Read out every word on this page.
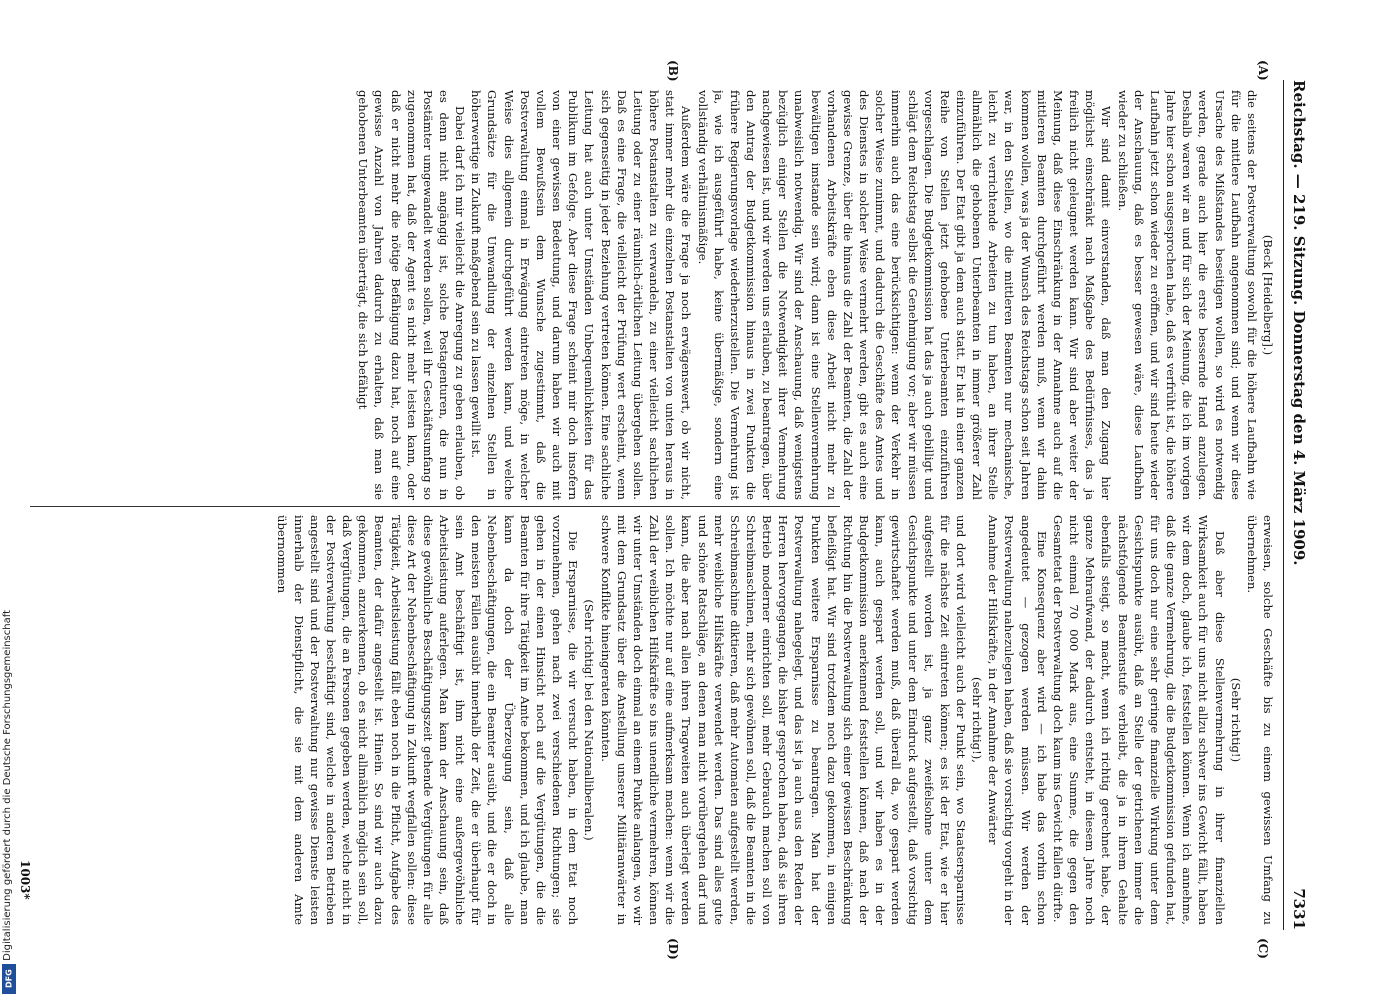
Reichstag. — 219. Sitzung. Donnerstag den 4. März 1909.
7331
(A)
(B)
(C)
(D)

(Beck [Heidelberg].)

die seitens der Postverwaltung sowohl für die höhere Laufbahn wie für die mittlere Laufbahn angenommen sind; und wenn wir diese Ursache des Mißstandes beseitigen wollen, so wird es notwendig werden, gerade auch hier die erste bessernde Hand anzulegen. Deshalb waren wir an und für sich der Meinung, die ich im vorigen Jahre hier schon ausgesprochen habe, daß es verfrüht ist, die höhere Laufbahn jetzt schon wieder zu eröffnen, und wir sind heute wieder der Anschauung, daß es besser gewesen wäre, diese Laufbahn wieder zu schließen.

Wir sind damit einverstanden, daß man den Zugang hier möglichst einschränkt nach Maßgabe des Bedürfnisses, das ja freilich nicht geleugnet werden kann. Wir sind aber weiter der Meinung, daß diese Einschränkung in der Annahme auch auf die mittleren Beamten durchgeführt werden muß, wenn wir dahin kommen wollen, was ja der Wunsch des Reichstags schon seit Jahren war, in den Stellen, wo die mittleren Beamten nur mechanische, leicht zu verrichtende Arbeiten zu tun haben, an ihrer Stelle allmählich die gehobenen Unterbeamten in immer größerer Zahl einzuführen. Der Etat gibt ja dem auch statt. Er hat in einer ganzen Reihe von Stellen jetzt gehobene Unterbeamten einzuführen vorgeschlagen. Die Budgetkommission hat das ja auch gebilligt und schlägt dem Reichstag selbst die Genehmigung vor; aber wir müssen immerhin auch das eine berücksichtigen: wenn der Verkehr in solcher Weise zunimmt, und dadurch die Geschäfte des Amtes und des Dienstes in solcher Weise vermehrt werden, gibt es auch eine gewisse Grenze, über die hinaus die Zahl der Beamten, die Zahl der vorhandenen Arbeitskräfte eben diese Arbeit nicht mehr zu bewältigen imstande sein wird; dann ist eine Stellenvermehrung unabweislich notwendig. Wir sind der Anschauung, daß wenigstens bezüglich einiger Stellen die Notwendigkeit ihrer Vermehrung nachgewiesen ist, und wir werden uns erlauben, zu beantragen, über den Antrag der Budgetkommission hinaus in zwei Punkten die frühere Regierungsvorlage wiederherzustellen. Die Vermehrung ist ja, wie ich ausgeführt habe, keine übermäßige, sondern eine vollständig verhältnismäßige.

Außerdem wäre die Frage ja noch erwägenswert, ob wir nicht, statt immer mehr die einzelnen Postanstalten von unten heraus in höhere Postanstalten zu verwandeln, zu einer vielleicht sachlichen Leitung oder zu einer räumlich-örtlichen Leitung übergehen sollen. Daß es eine Frage, die vielleicht der Prüfung wert erscheint, wenn sich gegenseitig in jeder Beziehung vertreten können. Eine sachliche Leitung hat auch unter Umständen Unbequemlichkeiten für das Publikum im Gefolge. Aber diese Frage scheint mir doch insofern von einer gewissen Bedeutung, und darum haben wir auch mit vollem Bewußtsein dem Wunsche zugestimmt, daß die Postverwaltung einmal in Erwägung eintreten möge, in welcher Weise dies allgemein durchgeführt werden kann, und welche Grundsätze für die Umwandlung der einzelnen Stellen in höherwertige in Zukunft maßgebend sein zu lassen gewillt ist.

Dabei darf ich mir vielleicht die Anregung zu geben erlauben, ob es denn nicht angängig ist, solche Postagenturen, die nun in Postämter umgewandelt werden sollen, weil ihr Geschäftsumfang so zugenommen hat, daß der Agent es nicht mehr leisten kann, oder daß er nicht mehr die nötige Befähigung dazu hat, noch auf eine gewisse Anzahl von Jahren dadurch zu erhalten, daß man sie gehobenen Unterbeamten überträgt, die sich befähigt

erweisen, solche Geschäfte bis zu einem gewissen Umfang zu übernehmen.

(Sehr richtig!)

Daß aber diese Stellenvermehrung in ihrer finanziellen Wirksamkeit auch für uns nicht allzu schwer ins Gewicht fällt, haben wir dem doch, glaube ich, feststellen können. Wenn ich annehme, daß die ganze Vermehrung, die die Budgetkommission gefunden hat, für uns doch nur eine sehr geringe finanzielle Wirkung unter dem Gesichtspunkte ausübt, daß an Stelle der getrichenen immer die nächstfolgende Beamtenstufe verbleibt, die ja in ihrem Gehalte ebenfalls steigt, so macht, wenn ich richtig gerechnet habe, der ganze Mehraufwand, der dadurch entsteht, in diesem Jahre noch nicht einmal 70 000 Mark aus, eine Summe, die gegen den Gesamtetat der Postverwaltung doch kaum ins Gewicht fallen dürfte.

Eine Konsequenz aber wird — ich habe das vorhin schon angedeutet — gezogen werden müssen. Wir werden der Postverwaltung nahezulegen haben, daß sie vorsichtig vorgeht in der Annahme der Hilfskräfte, in der Annahme der Anwärter

(sehr richtig!),

und dort wird vielleicht auch der Punkt sein, wo Staatsersparnisse für die nächste Zeit eintreten können; es ist der Etat, wie er hier aufgestellt worden ist, ja ganz zweifelsohne unter dem Gesichtspunkte und unter dem Eindruck aufgestellt, daß vorsichtig gewirtschaftet werden muß, daß überall da, wo gespart werden kann, auch gespart werden soll, und wir haben es in der Budgetkommission anerkennend feststellen können, daß nach der Richtung hin die Postverwaltung sich einer gewissen Beschränkung befleißigt hat. Wir sind trotzdem noch dazu gekommen, in einigen Punkten weitere Ersparnisse zu beantragen. Man hat der Postverwaltung nahegelegt, und das ist ja auch aus den Reden der Herren hervorgegangen, die bisher gesprochen haben, daß sie ihren Betrieb moderner einrichten soll, mehr Gebrauch machen soll von Schreibmaschinen, mehr sich gewöhnen soll, daß die Beamten in die Schreibmaschine diktieren, daß mehr Automaten aufgestellt werden, mehr weibliche Hilfskräfte verwendet werden. Das sind alles gute und schöne Ratschläge, an denen man nicht vorübergehen darf und kann, die aber nach allen ihren Tragweiten auch überlegt werden sollen. Ich möchte nur auf eine aufmerksam machen: wenn wir die Zahl der weiblichen Hilfskräfte so ins unendliche vermehren, können wir unter Umständen doch einmal an einem Punkte anlangen, wo wir mit dem Grundsatz über die Anstellung unserer Militäranwärter in schwere Konflikte hineingeraten könnten.

(Sehr richtig! bei den Nationalliberalen.)

Die Ersparnisse, die wir versucht haben, in dem Etat noch vorzunehmen, gehen nach zwei verschiedenen Richtungen; sie gehen in der einen Hinsicht noch auf die Vergütungen, die die Beamten für ihre Tätigkeit im Amte bekommen, und ich glaube, man kann da doch der Überzeugung sein, daß alle Nebenbeschäftigungen, die ein Beamter ausübt, und die er doch in den meisten Fällen ausübt innerhalb der Zeit, die er überhaupt für sein Amt beschäftigt ist, ihm nicht eine außergewöhnliche Arbeitsleistung auferlegen. Man kann der Anschauung sein, daß diese gewöhnliche Beschäftigungszeit gehende Vergütungen für alle diese Art der Nebenbeschäftigung in Zukunft wegfallen sollen: diese Tätigkeit, Arbeitsleistung fällt eben noch in die Pflicht, Aufgabe des Beamten, der dafür angestellt ist. Hinein. So sind wir auch dazu gekommen, anzuerkennen, ob es nicht allmählich möglich sein soll, daß Vergütungen, die an Personen gegeben werden, welche nicht in der Postverwaltung beschäftigt sind, welche in anderen Betrieben angestellt sind und der Postverwaltung nur gewisse Dienste leisten innerhalb der Dienstpflicht, die sie mit dem anderen Amte übernommen

1003*
Digitalisierung gefördert durch die Deutsche Forschungsgemeinschaft
DFG
